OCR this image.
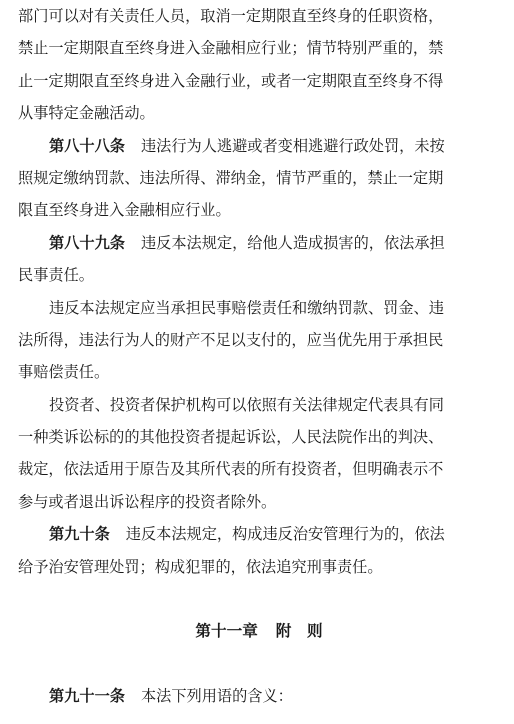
部门可以对有关责任人员，取消一定期限直至终身的任职资格，
禁止一定期限直至终身进入金融相应行业；情节特别严重的，禁
止一定期限直至终身进入金融行业，或者一定期限直至终身不得
从事特定金融活动。
第八十八条 违法行为人逃避或者变相逃避行政处罚，未按
照规定缴纳罚款、违法所得、滞纳金，情节严重的，禁止一定期
限直至终身进入金融相应行业。
第八十九条 违反本法规定，给他人造成损害的，依法承担
民事责任。
违反本法规定应当承担民事赔偿责任和缴纳罚款、罚金、违
法所得，违法行为人的财产不足以支付的，应当优先用于承担民
事赔偿责任。
投资者、投资者保护机构可以依照有关法律规定代表具有同
一种类诉讼标的的其他投资者提起诉讼，人民法院作出的判决、
裁定，依法适用于原告及其所代表的所有投资者，但明确表示不
参与或者退出诉讼程序的投资者除外。
第九十条 违反本法规定，构成违反治安管理行为的，依法
给予治安管理处罚；构成犯罪的，依法追究刑事责任。
第十一章 附　则
第九十一条 本法下列用语的含义：
